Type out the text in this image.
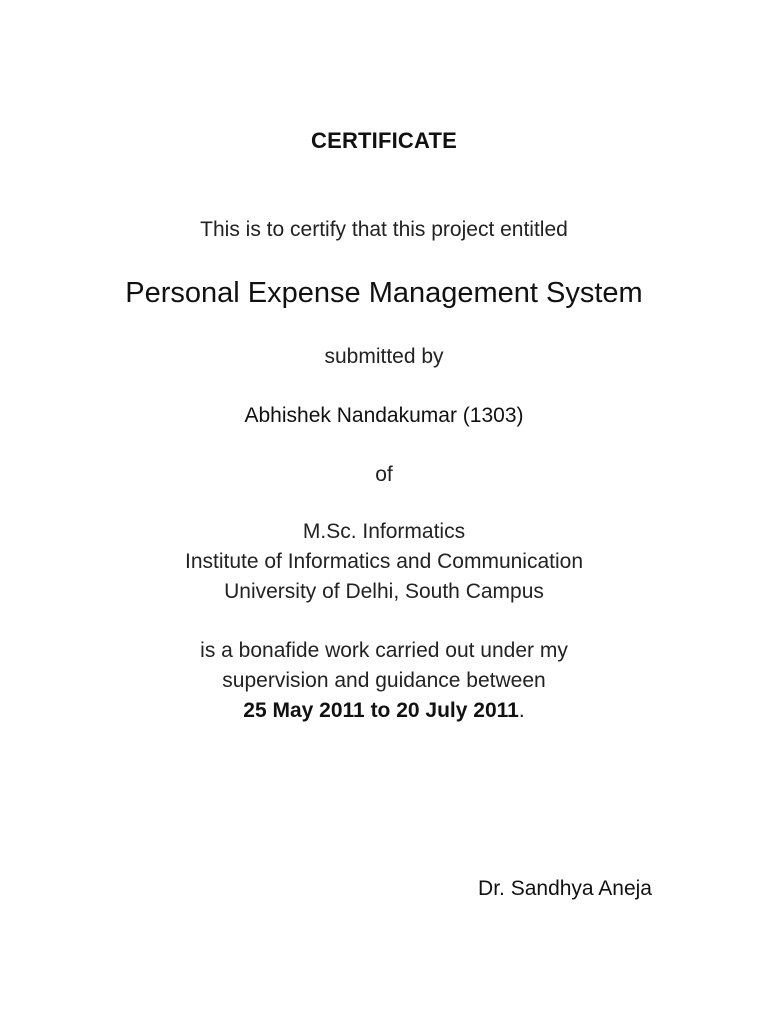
CERTIFICATE
This is to certify that this project entitled
Personal Expense Management System
submitted by
Abhishek Nandakumar (1303)
of
M.Sc. Informatics
Institute of Informatics and Communication
University of Delhi, South Campus
is a bonafide work carried out under my
supervision and guidance between
25 May 2011 to 20 July 2011.
Dr. Sandhya Aneja
